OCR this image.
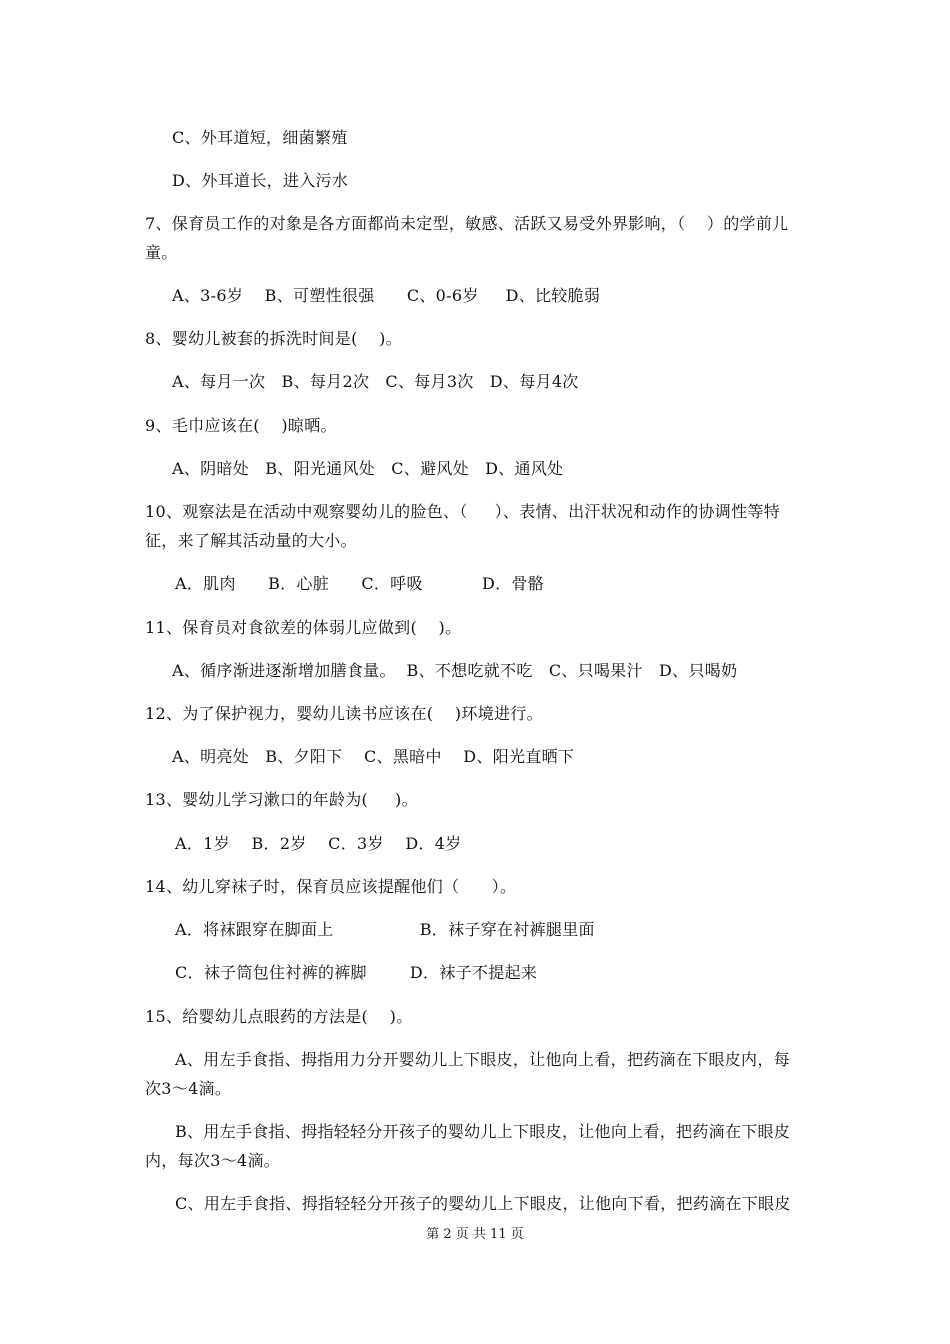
C、外耳道短，细菌繁殖
D、外耳道长，进入污水
7、保育员工作的对象是各方面都尚未定型，敏感、活跃又易受外界影响，（    ）的学前儿
童。
A、3-6岁    B、可塑性很强      C、0-6岁     D、比较脆弱
8、婴幼儿被套的拆洗时间是(    )。
A、每月一次   B、每月2次   C、每月3次   D、每月4次
9、毛巾应该在(    )晾晒。
A、阴暗处   B、阳光通风处   C、避风处   D、通风处
10、观察法是在活动中观察婴幼儿的脸色、（     ）、表情、出汗状况和动作的协调性等特
征，来了解其活动量的大小。
A．肌肉      B．心脏      C．呼吸           D．骨骼
11、保育员对食欲差的体弱儿应做到(    )。
A、循序渐进逐渐增加膳食量。  B、不想吃就不吃   C、只喝果汁   D、只喝奶
12、为了保护视力，婴幼儿读书应该在(    )环境进行。
A、明亮处   B、夕阳下    C、黑暗中    D、阳光直晒下
13、婴幼儿学习漱口的年龄为(     )。
A．1岁    B．2岁    C．3岁    D．4岁
14、幼儿穿袜子时，保育员应该提醒他们（      ）。
A．将袜跟穿在脚面上                B．袜子穿在衬裤腿里面
C．袜子筒包住衬裤的裤脚        D．袜子不提起来
15、给婴幼儿点眼药的方法是(    )。
A、用左手食指、拇指用力分开婴幼儿上下眼皮，让他向上看，把药滴在下眼皮内，每
次3～4滴。
B、用左手食指、拇指轻轻分开孩子的婴幼儿上下眼皮，让他向上看，把药滴在下眼皮
内，每次3～4滴。
C、用左手食指、拇指轻轻分开孩子的婴幼儿上下眼皮，让他向下看，把药滴在下眼皮
第 2 页 共 11 页
